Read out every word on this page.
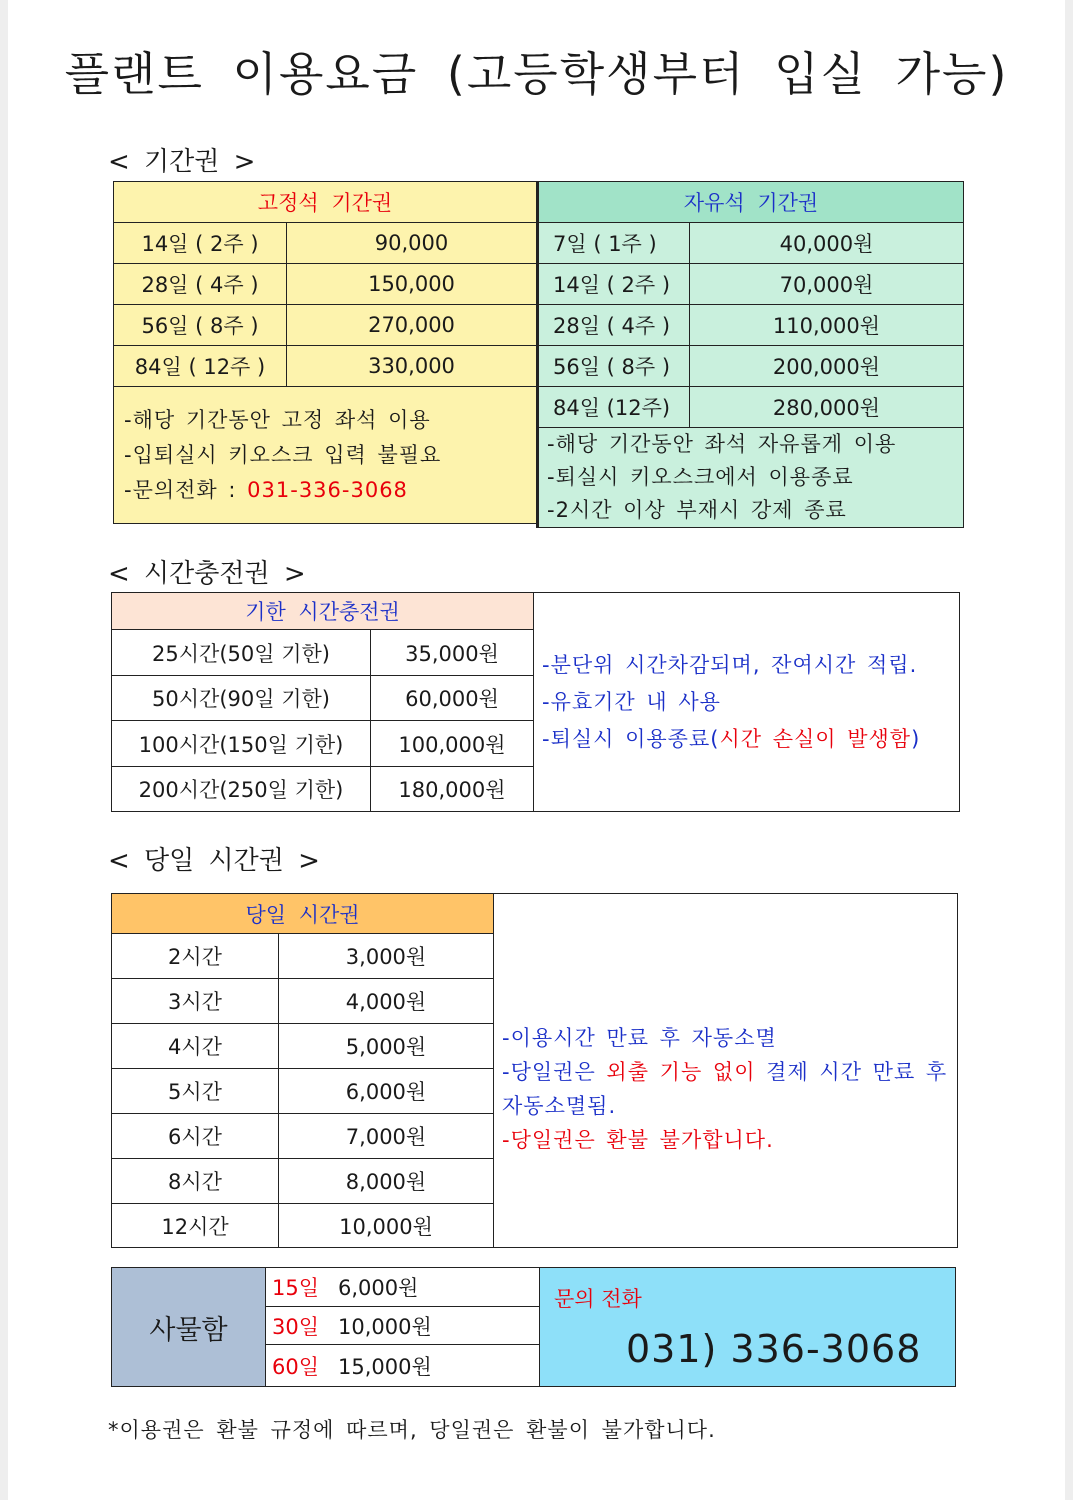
플랜트 이용요금 (고등학생부터 입실 가능)
< 기간권 >
고정석 기간권	
14일 ( 2주 )	90,000
28일 ( 4주 )	150,000
56일 ( 8주 )	270,000
84일 ( 12주 )	330,000

-해당 기간동안 고정 좌석 이용
-입퇴실시 키오스크 입력 불필요
-문의전화 : 031-336-3068	
자유석 기간권	
7일 ( 1주 )	40,000원
14일 ( 2주 )	70,000원
28일 ( 4주 )	110,000원
56일 ( 8주 )	200,000원
84일 (12주)	280,000원

-해당 기간동안 좌석 자유롭게 이용
-퇴실시 키오스크에서 이용종료
-2시간 이상 부재시 강제 종료	
< 시간충전권 >
기한 시간충전권		-분단위 시간차감되며, 잔여시간 적립.
-유효기간 내 사용
-퇴실시 이용종료(시간 손실이 발생함)

25시간(50일 기한)	35,000원	
50시간(90일 기한)	60,000원	
100시간(150일 기한)	100,000원	
200시간(250일 기한)	180,000원	
< 당일 시간권 >
당일 시간권		-이용시간 만료 후 자동소멸
-당일권은 외출 기능 없이 결제 시간 만료 후
자동소멸됨.
-당일권은 환불 불가합니다.

2시간	3,000원	
3시간	4,000원	
4시간	5,000원	
5시간	6,000원	
6시간	7,000원	
8시간	8,000원	
12시간	10,000원	
사물함	15일 6,000원	문의 전화
031) 336-3068

30일 10,000원
60일 15,000원
*이용권은 환불 규정에 따르며, 당일권은 환불이 불가합니다.
